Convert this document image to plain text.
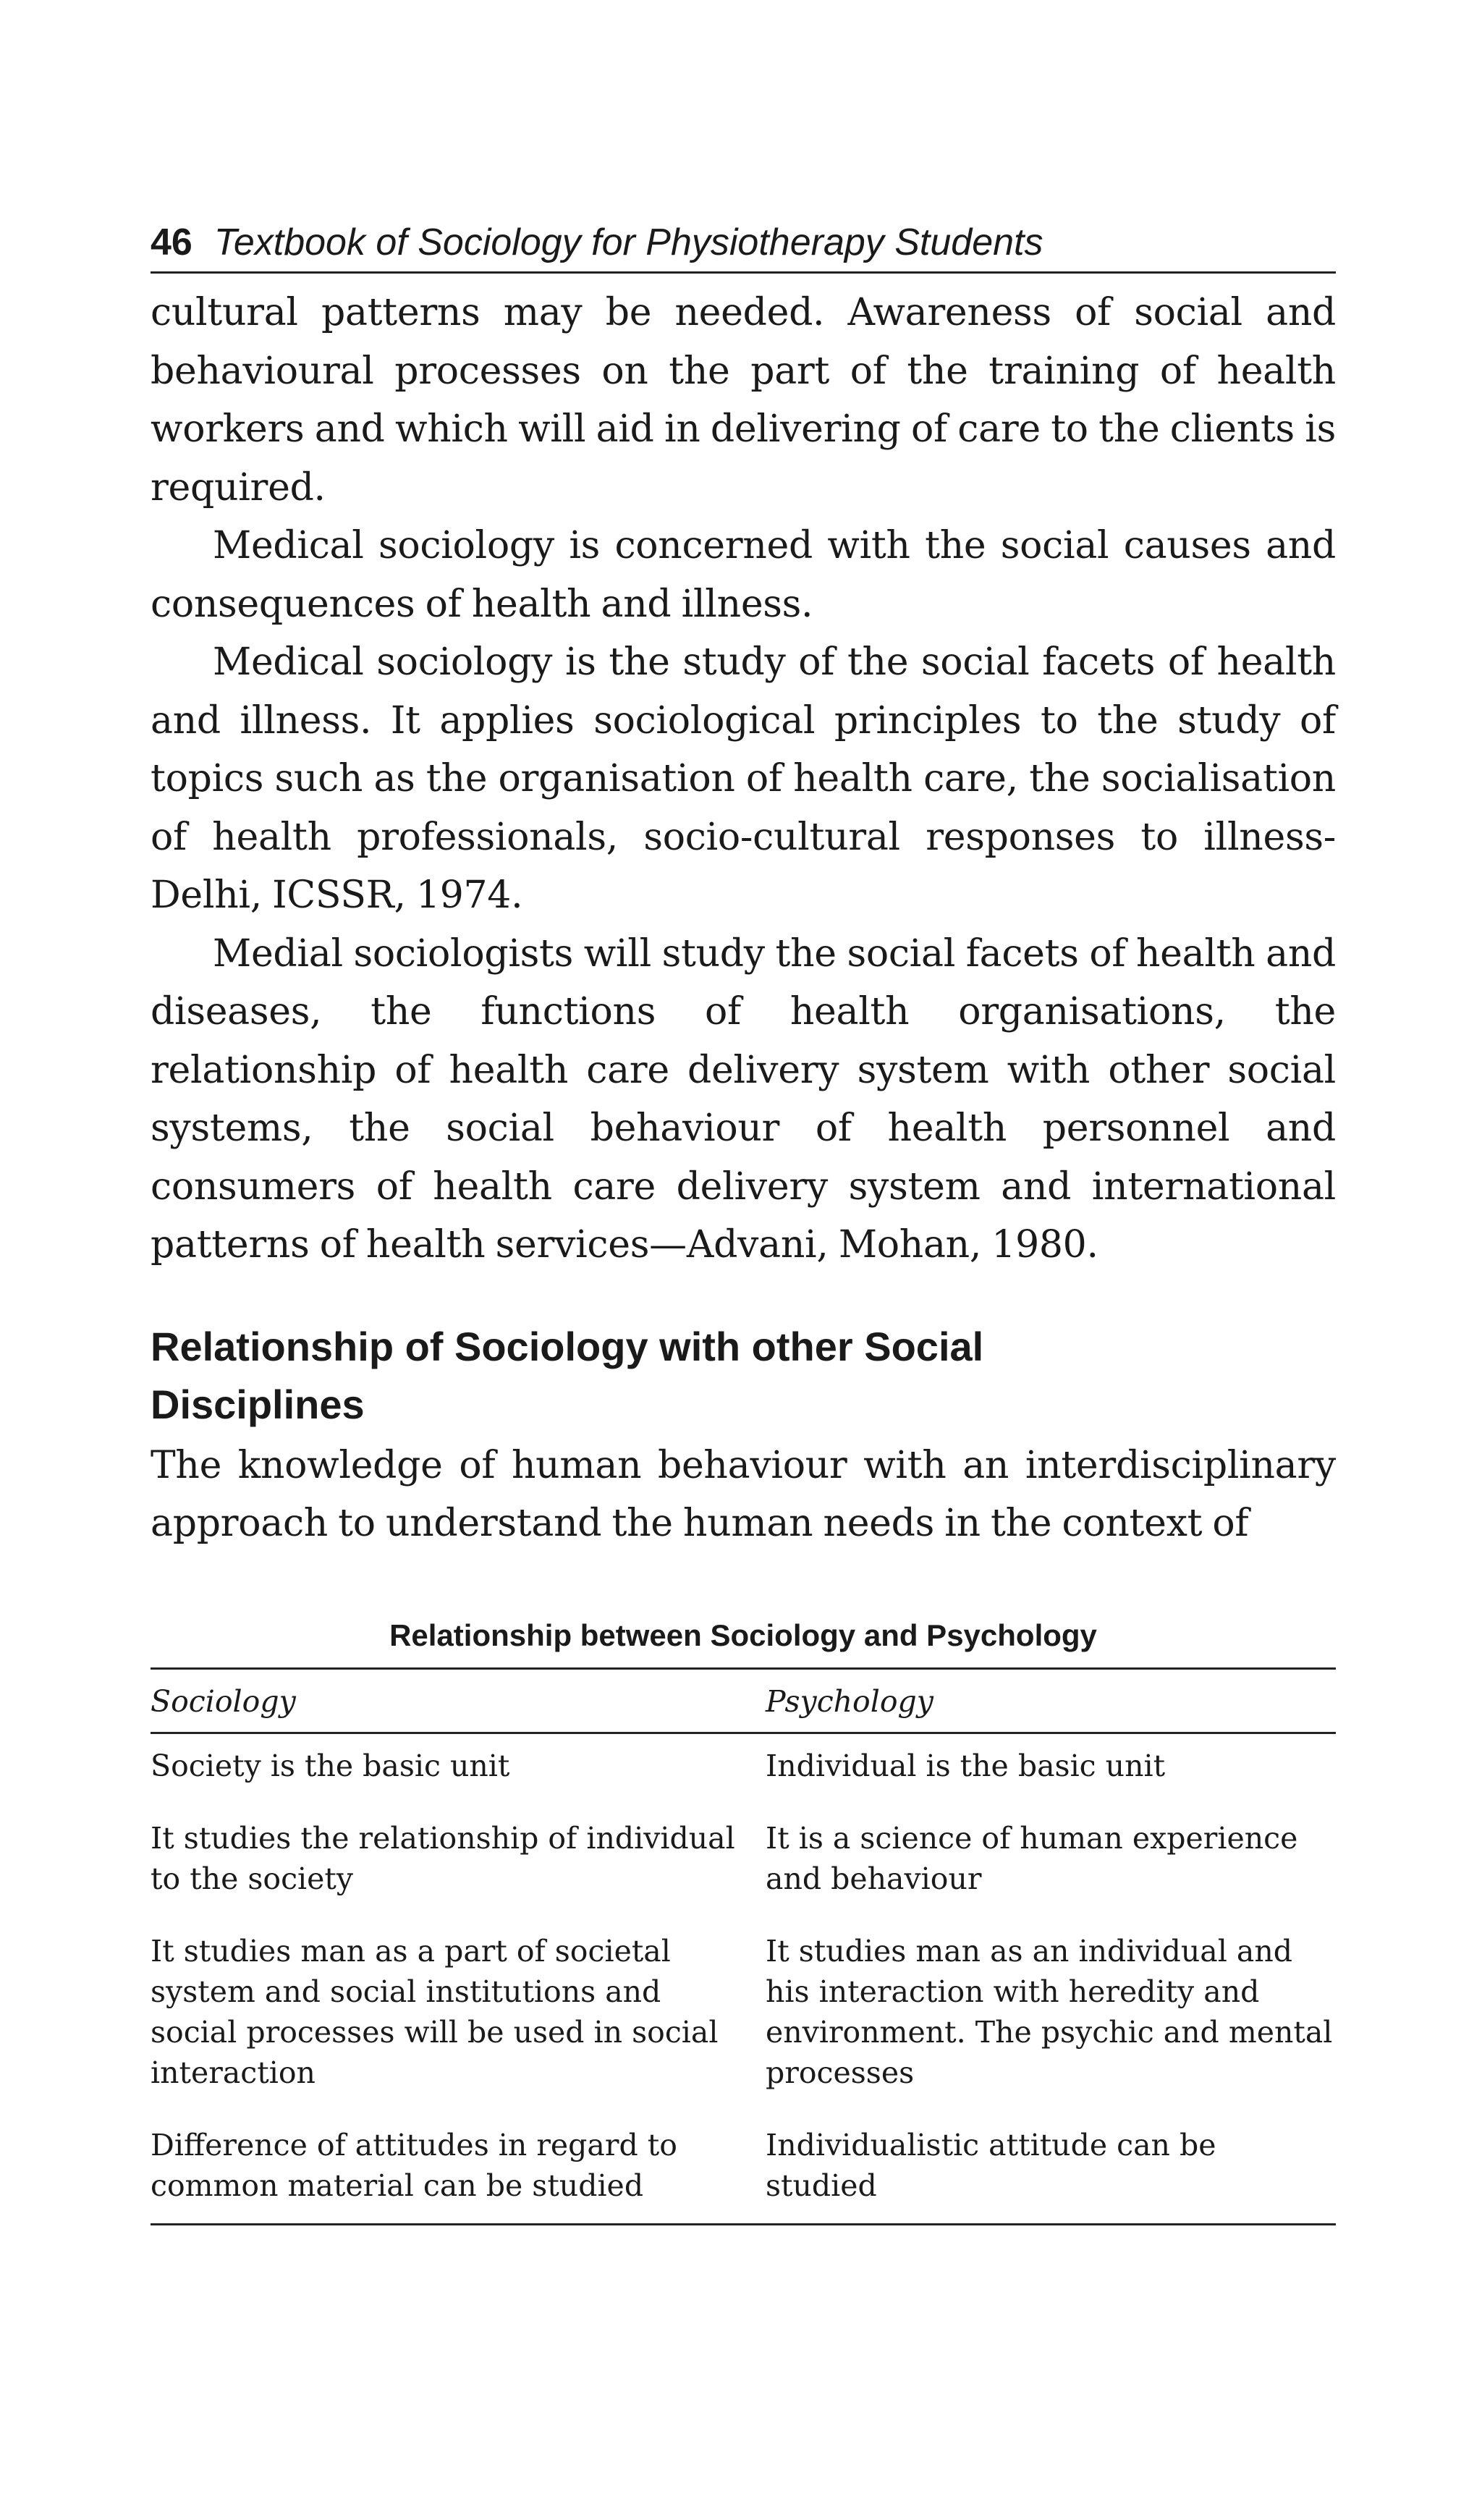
46 Textbook of Sociology for Physiotherapy Students

cultural patterns may be needed. Awareness of social and behavioural processes on the part of the training of health workers and which will aid in delivering of care to the clients is required.

Medical sociology is concerned with the social causes and consequences of health and illness.

Medical sociology is the study of the social facets of health and illness. It applies sociological principles to the study of topics such as the organisation of health care, the socialisation of health professionals, socio-cultural responses to illness-Delhi, ICSSR, 1974.

Medial sociologists will study the social facets of health and diseases, the functions of health organisations, the relationship of health care delivery system with other social systems, the social behaviour of health personnel and consumers of health care delivery system and international patterns of health services—Advani, Mohan, 1980.

Relationship of Sociology with other Social Disciplines

The knowledge of human behaviour with an interdisciplinary approach to understand the human needs in the context of

Relationship between Sociology and Psychology
Sociology	Psychology
Society is the basic unit	Individual is the basic unit
It studies the relationship of individual to the society	It is a science of human experience and behaviour
It studies man as a part of societal system and social institutions and social processes will be used in social interaction	It studies man as an individual and his interaction with heredity and environment. The psychic and mental processes
Difference of attitudes in regard to common material can be studied	Individualistic attitude can be studied
